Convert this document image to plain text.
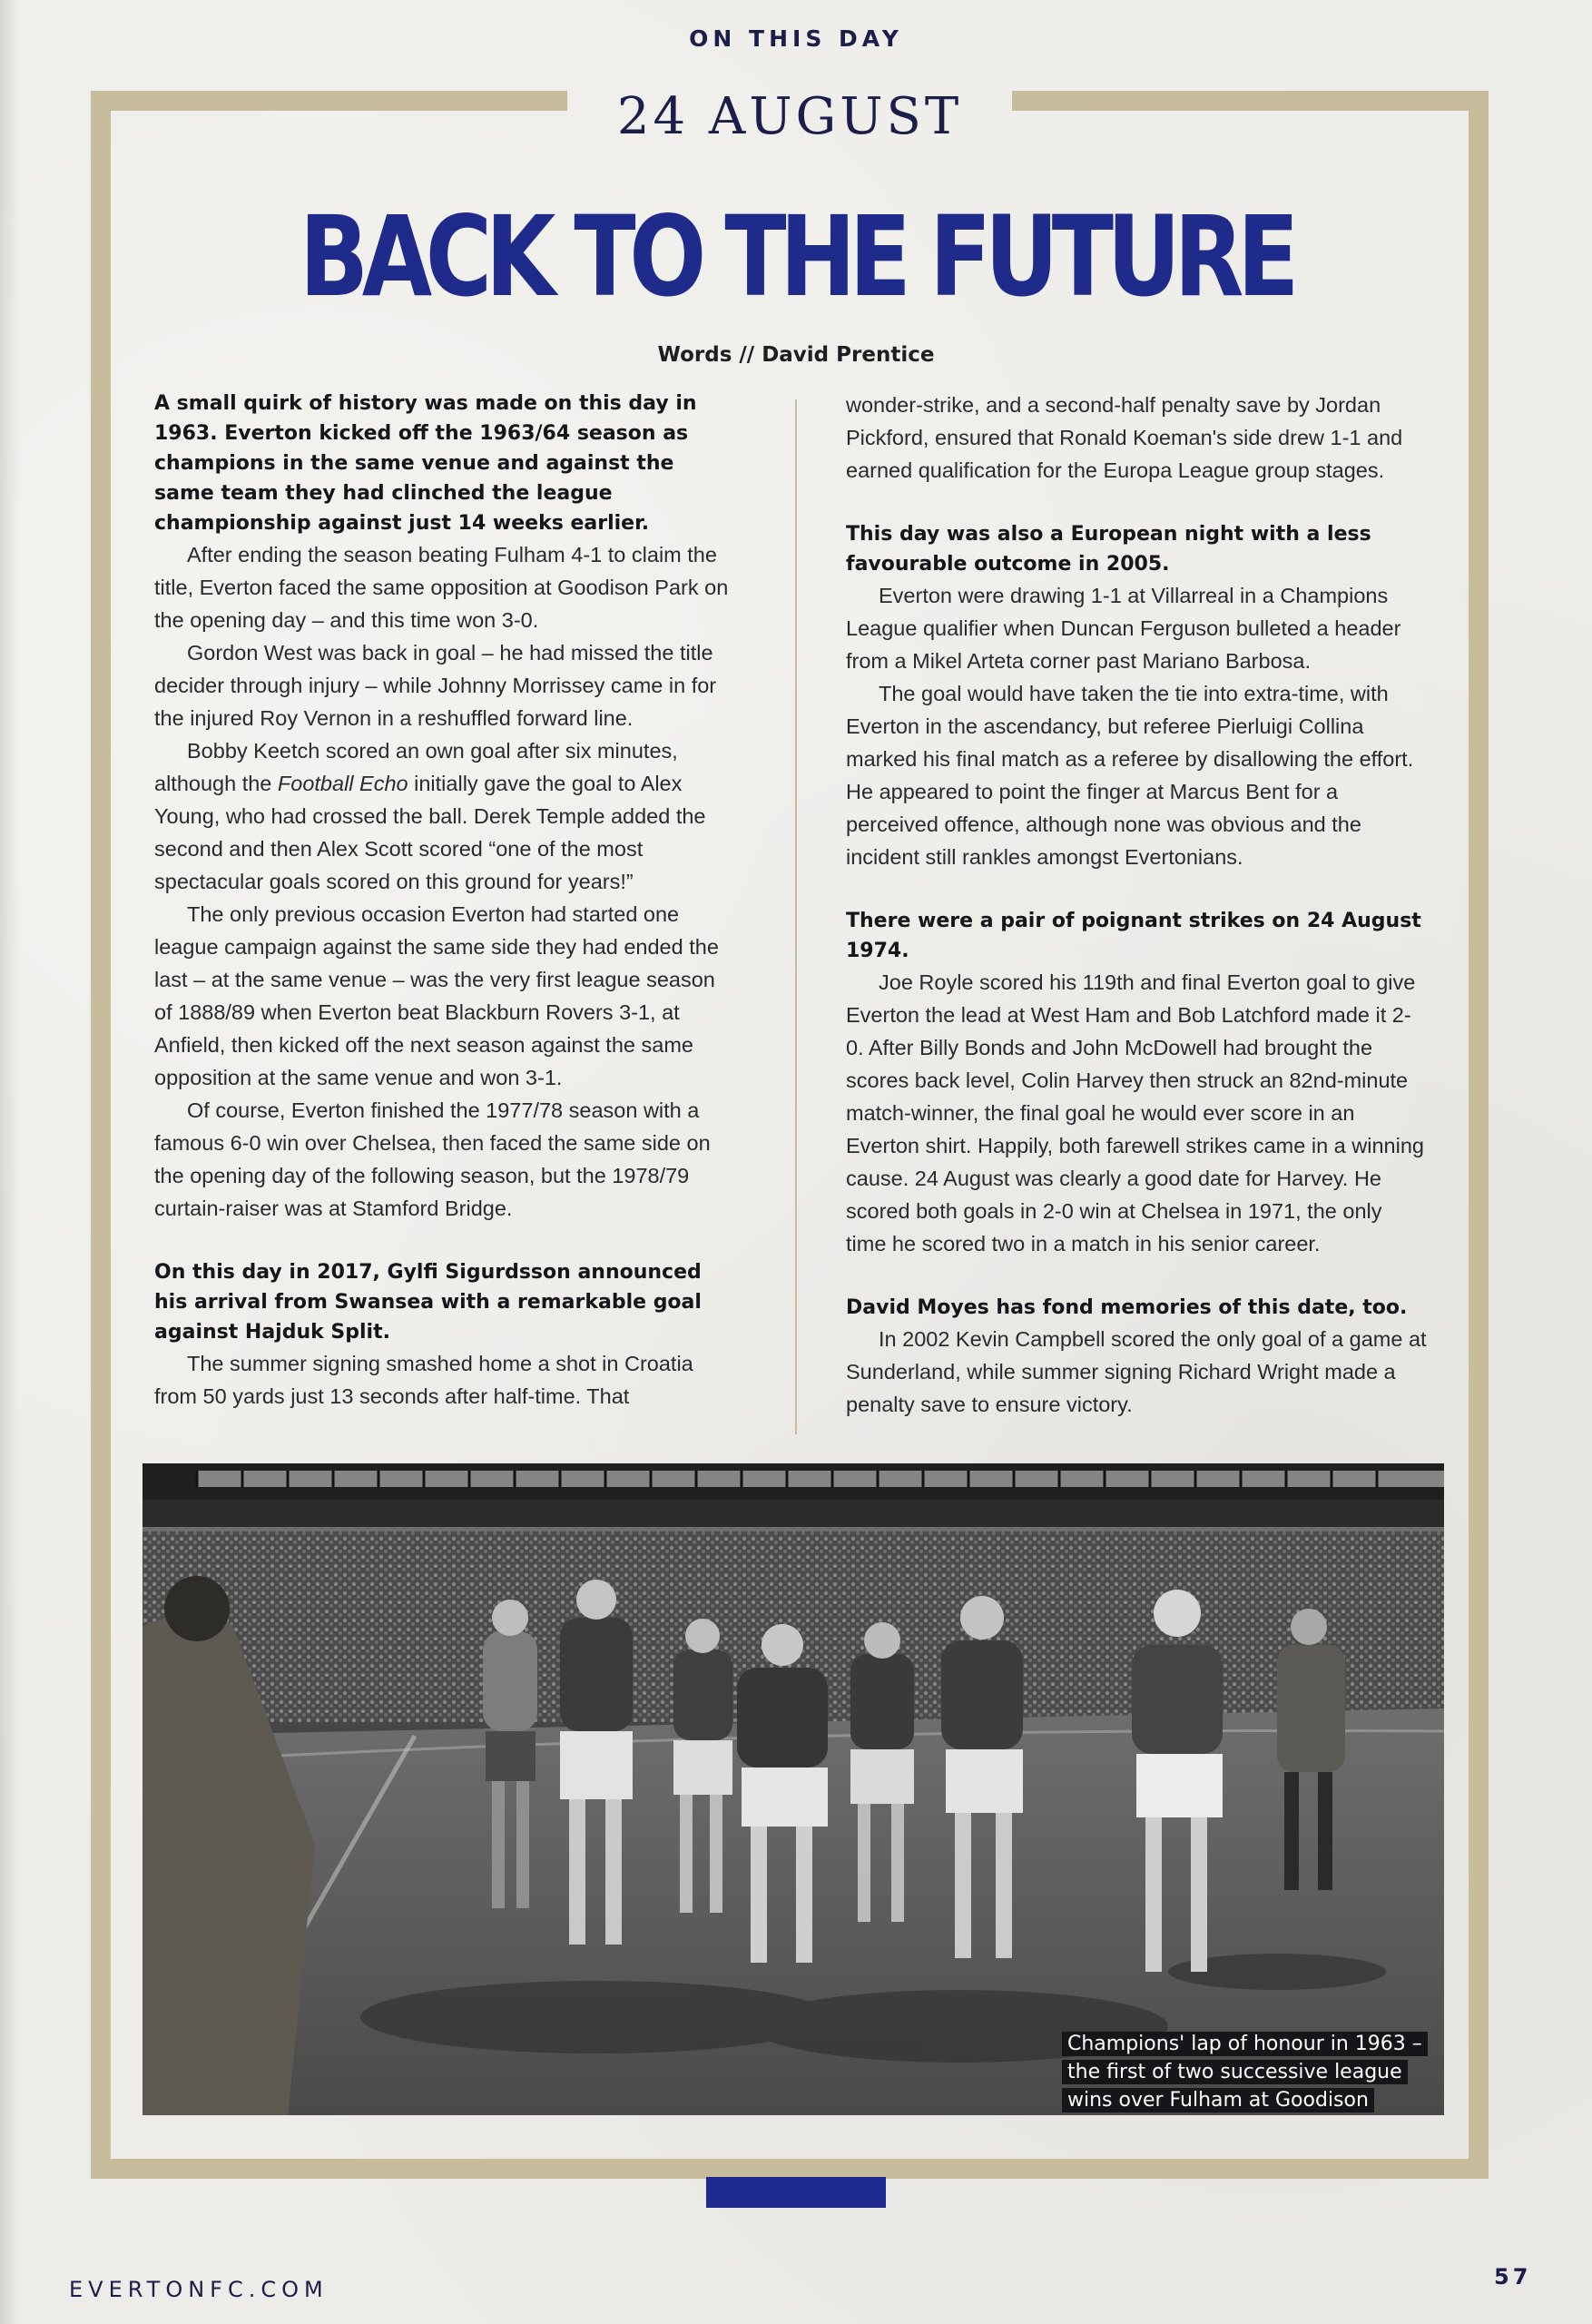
ON THIS DAY
24 AUGUST
BACK TO THE FUTURE
Words // David Prentice

A small quirk of history was made on this day in 1963. Everton kicked off the 1963/64 season as champions in the same venue and against the same team they had clinched the league championship against just 14 weeks earlier.

After ending the season beating Fulham 4-1 to claim the title, Everton faced the same opposition at Goodison Park on the opening day – and this time won 3-0.

Gordon West was back in goal – he had missed the title decider through injury – while Johnny Morrissey came in for the injured Roy Vernon in a reshuffled forward line.

Bobby Keetch scored an own goal after six minutes, although the Football Echo initially gave the goal to Alex Young, who had crossed the ball. Derek Temple added the second and then Alex Scott scored “one of the most spectacular goals scored on this ground for years!”

The only previous occasion Everton had started one league campaign against the same side they had ended the last – at the same venue – was the very first league season of 1888/89 when Everton beat Blackburn Rovers 3-1, at Anfield, then kicked off the next season against the same opposition at the same venue and won 3-1.

Of course, Everton finished the 1977/78 season with a famous 6-0 win over Chelsea, then faced the same side on the opening day of the following season, but the 1978/79 curtain-raiser was at Stamford Bridge.

On this day in 2017, Gylfi Sigurdsson announced his arrival from Swansea with a remarkable goal against Hajduk Split.

The summer signing smashed home a shot in Croatia from 50 yards just 13 seconds after half-time. That

wonder-strike, and a second-half penalty save by Jordan Pickford, ensured that Ronald Koeman's side drew 1-1 and earned qualification for the Europa League group stages.

This day was also a European night with a less favourable outcome in 2005.

Everton were drawing 1-1 at Villarreal in a Champions League qualifier when Duncan Ferguson bulleted a header from a Mikel Arteta corner past Mariano Barbosa.

The goal would have taken the tie into extra-time, with Everton in the ascendancy, but referee Pierluigi Collina marked his final match as a referee by disallowing the effort. He appeared to point the finger at Marcus Bent for a perceived offence, although none was obvious and the incident still rankles amongst Evertonians.

There were a pair of poignant strikes on 24 August 1974.

Joe Royle scored his 119th and final Everton goal to give Everton the lead at West Ham and Bob Latchford made it 2-0. After Billy Bonds and John McDowell had brought the scores back level, Colin Harvey then struck an 82nd-minute match-winner, the final goal he would ever score in an Everton shirt. Happily, both farewell strikes came in a winning cause. 24 August was clearly a good date for Harvey. He scored both goals in 2-0 win at Chelsea in 1971, the only time he scored two in a match in his senior career.

David Moyes has fond memories of this date, too.

In 2002 Kevin Campbell scored the only goal of a game at Sunderland, while summer signing Richard Wright made a penalty save to ensure victory.

Champions' lap of honour in 1963 – the first of two successive league wins over Fulham at Goodison
EVERTONFC.COM	57
